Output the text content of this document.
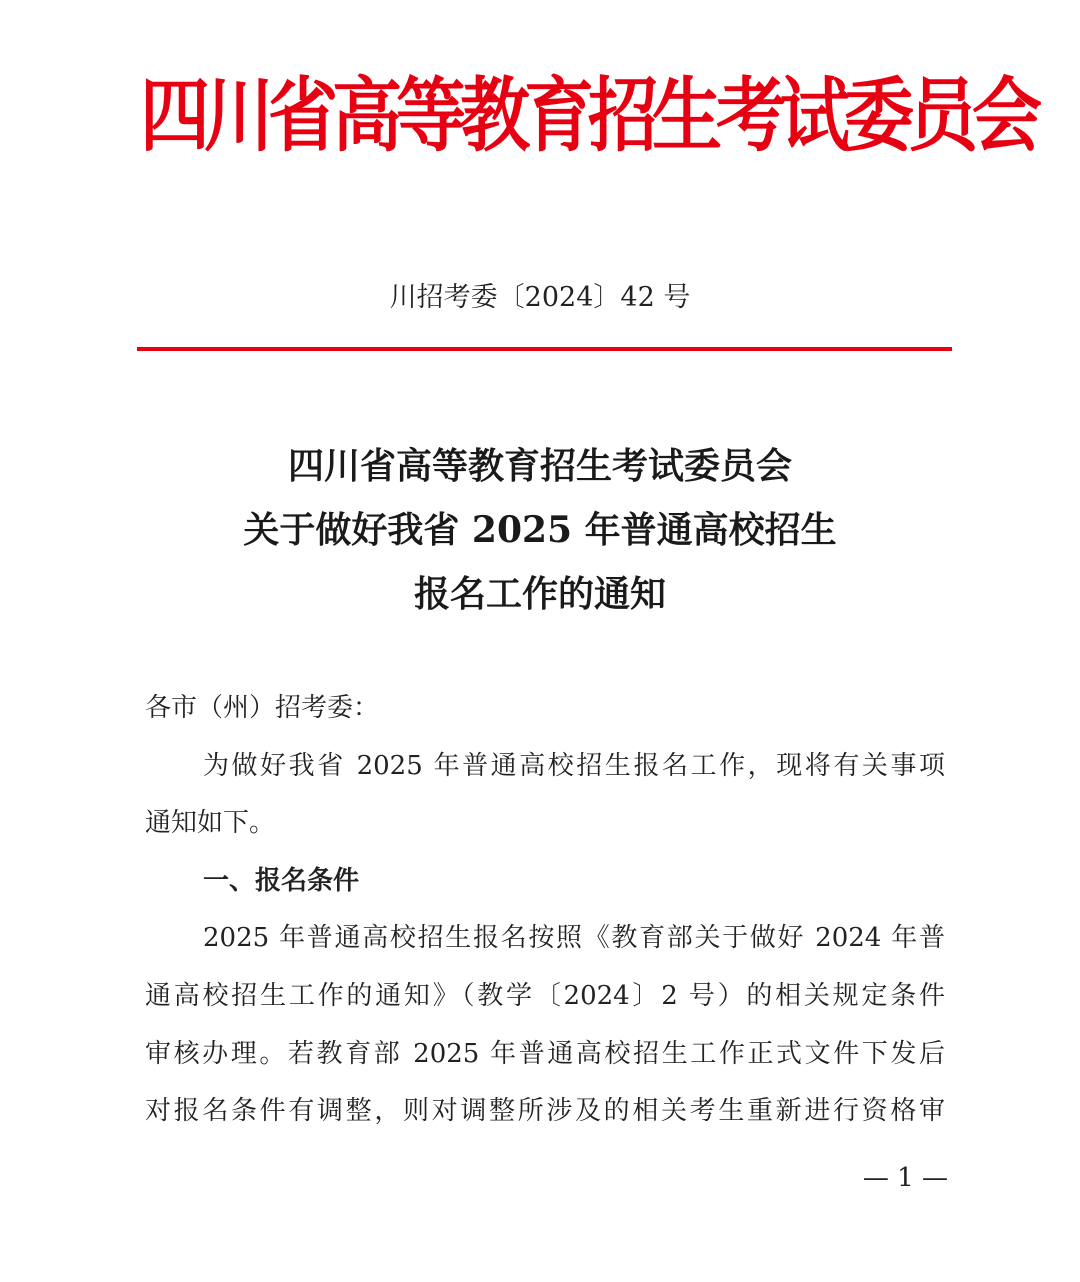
四川省高等教育招生考试委员会
川招考委〔2024〕42 号
四川省高等教育招生考试委员会
关于做好我省 2025 年普通高校招生
报名工作的通知
各市（州）招考委：
为做好我省 2025 年普通高校招生报名工作，现将有关事项
通知如下。
一、报名条件
2025 年普通高校招生报名按照《教育部关于做好 2024 年普
通高校招生工作的通知》（教学〔2024〕2 号）的相关规定条件
审核办理。若教育部 2025 年普通高校招生工作正式文件下发后
对报名条件有调整，则对调整所涉及的相关考生重新进行资格审
— 1 —
